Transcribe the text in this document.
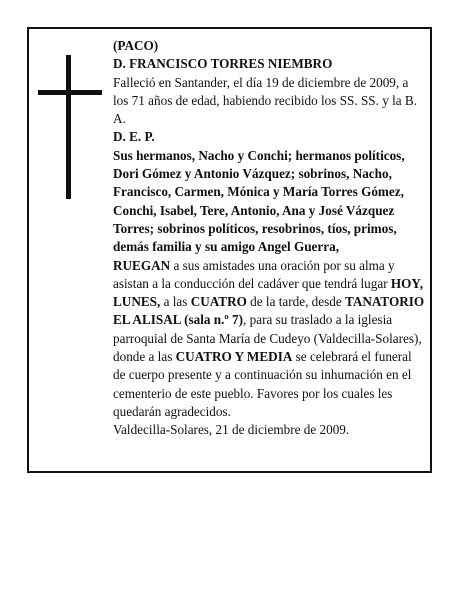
(PACO)

D. FRANCISCO TORRES NIEMBRO

Falleció en Santander, el día 19 de diciembre de 2009, a los 71 años de edad, habiendo recibido los SS. SS. y la B. A.

D. E. P.

Sus hermanos, Nacho y Conchi; hermanos políticos, Dori Gómez y Antonio Vázquez; sobrinos, Nacho, Francisco, Carmen, Mónica y María Torres Gómez, Conchi, Isabel, Tere, Antonio, Ana y José Vázquez Torres; sobrinos políticos, resobrinos, tíos, primos, demás familia y su amigo Angel Guerra,

RUEGAN a sus amistades una oración por su alma y asistan a la conducción del cadáver que tendrá lugar HOY, LUNES, a las CUATRO de la tarde, desde TANATORIO EL ALISAL (sala n.º 7), para su traslado a la iglesia parroquial de Santa María de Cudeyo (Valdecilla-Solares), donde a las CUATRO Y MEDIA se celebrará el funeral de cuerpo presente y a continuación su inhumación en el cementerio de este pueblo. Favores por los cuales les quedarán agradecidos.

Valdecilla-Solares, 21 de diciembre de 2009.
